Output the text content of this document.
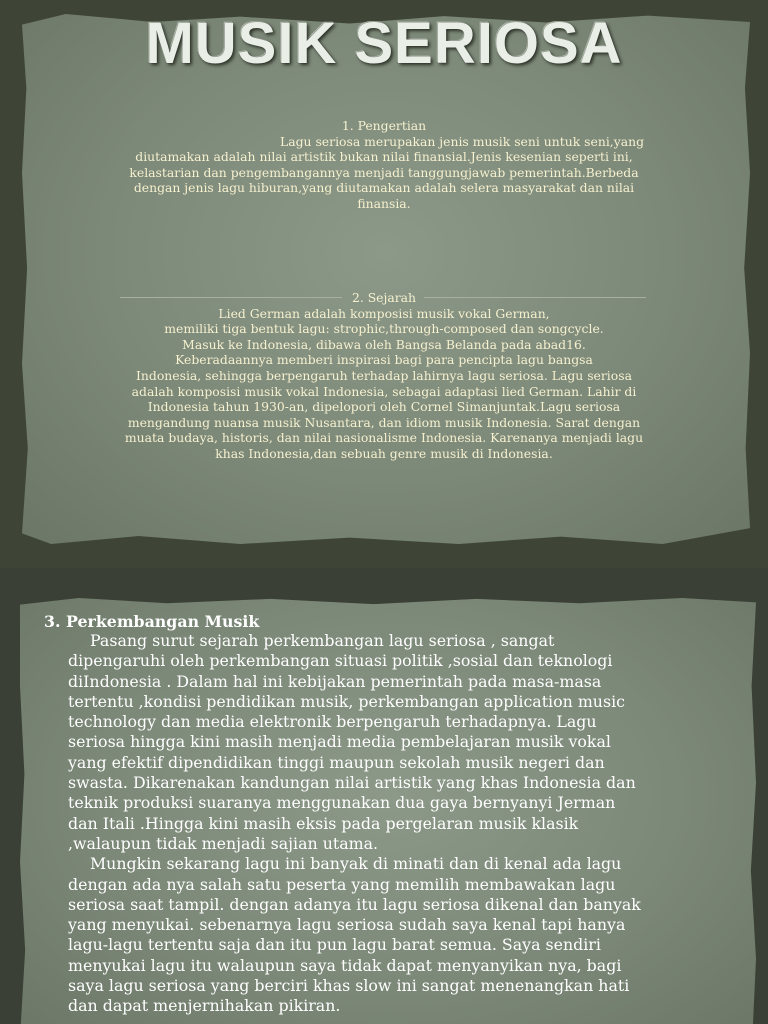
MUSIK SERIOSA

1. Pengertian
Lagu seriosa merupakan jenis musik seni untuk seni,yang
diutamakan adalah nilai artistik bukan nilai finansial.Jenis kesenian seperti ini,
kelastarian dan pengembangannya menjadi tanggungjawab pemerintah.Berbeda
dengan jenis lagu hiburan,yang diutamakan adalah selera masyarakat dan nilai
finansia.

2. Sejarah
Lied German adalah komposisi musik vokal German,
memiliki tiga bentuk lagu: strophic,through-composed dan songcycle.
Masuk ke Indonesia, dibawa oleh Bangsa Belanda pada abad16.
Keberadaannya memberi inspirasi bagi para pencipta lagu bangsa
Indonesia, sehingga berpengaruh terhadap lahirnya lagu seriosa. Lagu seriosa
adalah komposisi musik vokal Indonesia, sebagai adaptasi lied German. Lahir di
Indonesia tahun 1930-an, dipelopori oleh Cornel Simanjuntak.Lagu seriosa
mengandung nuansa musik Nusantara, dan idiom musik Indonesia. Sarat dengan
muata budaya, historis, dan nilai nasionalisme Indonesia. Karenanya menjadi lagu
khas Indonesia,dan sebuah genre musik di Indonesia.

3. Perkembangan Musik

Pasang surut sejarah perkembangan lagu seriosa , sangat
dipengaruhi oleh perkembangan situasi politik ,sosial dan teknologi
diIndonesia . Dalam hal ini kebijakan pemerintah pada masa-masa
tertentu ,kondisi pendidikan musik, perkembangan application music
technology dan media elektronik berpengaruh terhadapnya. Lagu
seriosa hingga kini masih menjadi media pembelajaran musik vokal
yang efektif dipendidikan tinggi maupun sekolah musik negeri dan
swasta. Dikarenakan kandungan nilai artistik yang khas Indonesia dan
teknik produksi suaranya menggunakan dua gaya bernyanyi Jerman
dan Itali .Hingga kini masih eksis pada pergelaran musik klasik
,walaupun tidak menjadi sajian utama.
Mungkin sekarang lagu ini banyak di minati dan di kenal ada lagu
dengan ada nya salah satu peserta yang memilih membawakan lagu
seriosa saat tampil. dengan adanya itu lagu seriosa dikenal dan banyak
yang menyukai. sebenarnya lagu seriosa sudah saya kenal tapi hanya
lagu-lagu tertentu saja dan itu pun lagu barat semua. Saya sendiri
menyukai lagu itu walaupun saya tidak dapat menyanyikan nya, bagi
saya lagu seriosa yang berciri khas slow ini sangat menenangkan hati
dan dapat menjernihakan pikiran.
